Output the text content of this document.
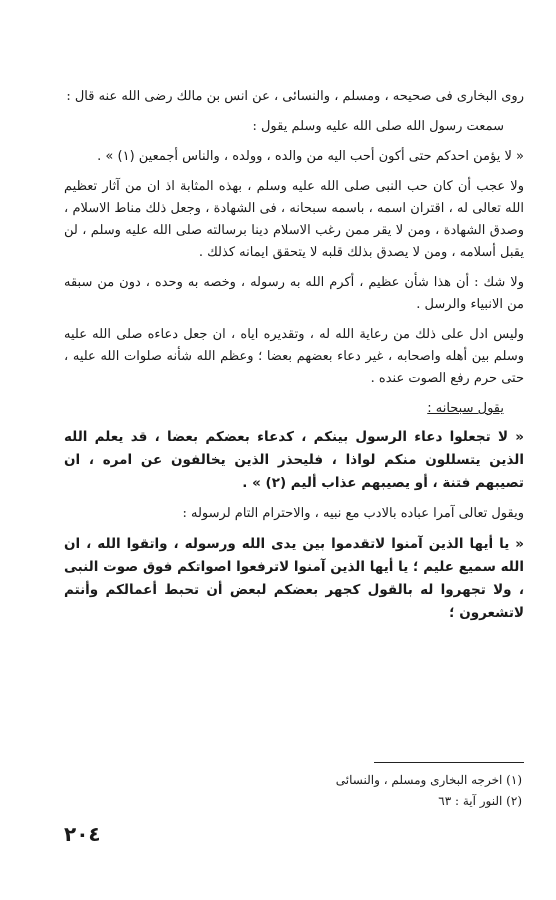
روى البخارى فى صحيحه ، ومسلم ، والنسائى ، عن انس بن مالك رضى الله عنه قال :

سمعت رسول الله صلى الله عليه وسلم يقول :

« لا يؤمن احدكم حتى أكون أحب اليه من والده ، وولده ، والناس أجمعين (١) » .

ولا عجب أن كان حب النبى صلى الله عليه وسلم ، بهذه المثابة اذ ان من آثار تعظيم الله تعالى له ، اقتران اسمه ، باسمه سبحانه ، فى الشهادة ، وجعل ذلك مناط الاسلام ، وصدق الشهادة ، ومن لا يقر ممن رغب الاسلام دينا برسالته صلى الله عليه وسلم ، لن يقبل أسلامه ، ومن لا يصدق بذلك قلبه لا يتحقق ايمانه كذلك .

ولا شك : أن هذا شأن عظيم ، أكرم الله به رسوله ، وخصه به وحده ، دون من سبقه من الانبياء والرسل .

وليس ادل على ذلك من رعاية الله له ، وتقديره اياه ، ان جعل دعاءه صلى الله عليه وسلم بين أهله واصحابه ، غير دعاء بعضهم بعضا ؛ وعظم الله شأنه صلوات الله عليه ، حتى حرم رفع الصوت عنده .

يقول سبحانه :

« لا تجعلوا دعاء الرسول بينكم ، كدعاء بعضكم بعضا ، قد يعلم الله الذين يتسللون منكم لواذا ، فليحذر الذين يخالفون عن امره ، ان تصيبهم فتنة ، أو يصيبهم عذاب أليم (٢) » .

ويقول تعالى آمرا عباده بالادب مع نبيه ، والاحترام التام لرسوله :

« يا أيها الذين آمنوا لاتقدموا بين يدى الله ورسوله ، واتقوا الله ، ان الله سميع عليم ؛ يا أيها الذين آمنوا لاترفعوا اصواتكم فوق صوت النبى ، ولا تجهروا له بالقول كجهر بعضكم لبعض أن تحبط أعمالكم وأنتم لاتشعرون ؛

(١) اخرجه البخارى ومسلم ، والنسائى
(٢) النور آية : ٦٣
٢٠٤
